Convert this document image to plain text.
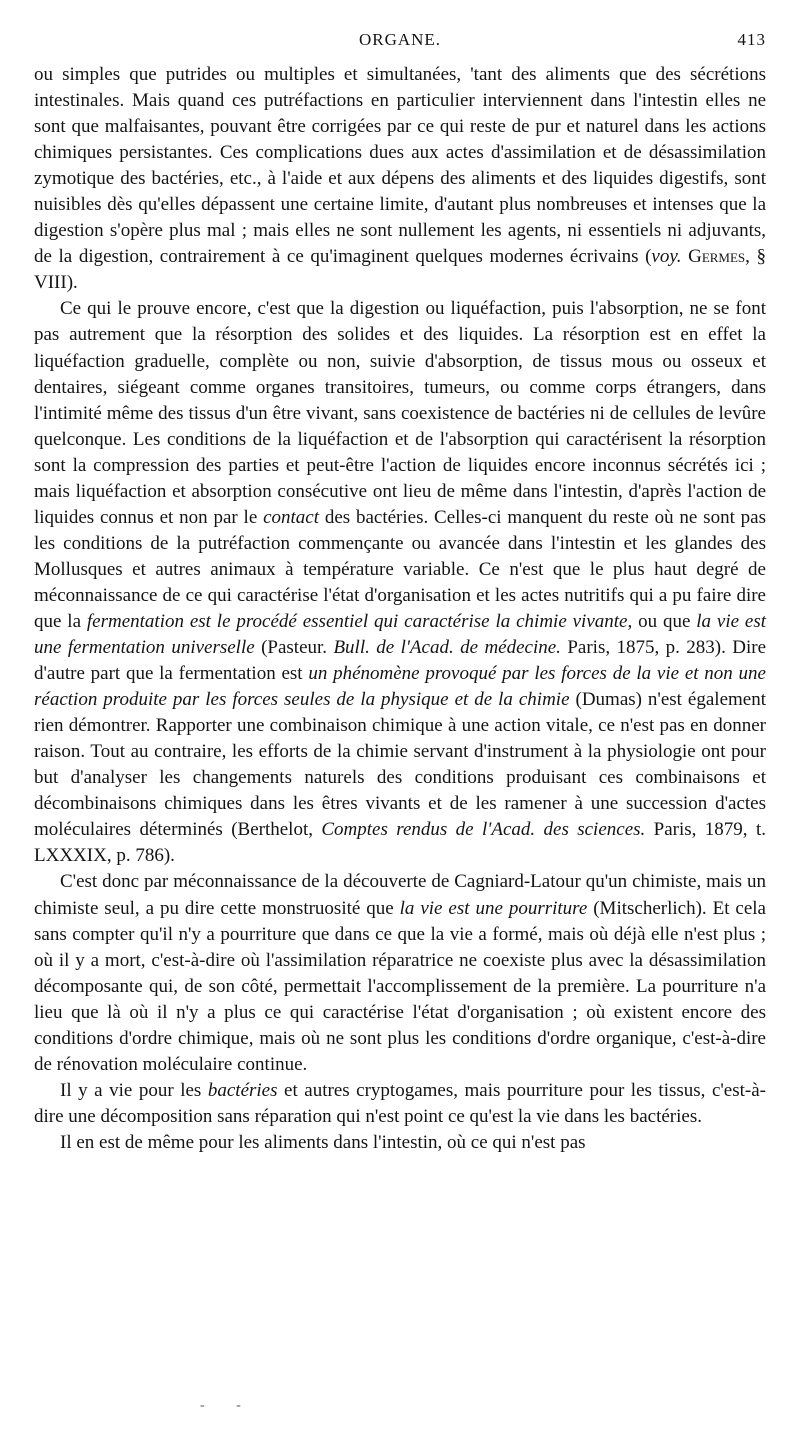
ORGANE.	413

ou simples que putrides ou multiples et simultanées, 'tant des aliments que des sécrétions intestinales. Mais quand ces putréfactions en particulier interviennent dans l'intestin elles ne sont que malfaisantes, pouvant être corrigées par ce qui reste de pur et naturel dans les actions chimiques persistantes. Ces complications dues aux actes d'assimilation et de désassimilation zymotique des bactéries, etc., à l'aide et aux dépens des aliments et des liquides digestifs, sont nuisibles dès qu'elles dépassent une certaine limite, d'autant plus nombreuses et intenses que la digestion s'opère plus mal ; mais elles ne sont nullement les agents, ni essentiels ni adjuvants, de la digestion, contrairement à ce qu'imaginent quelques modernes écrivains (voy. Germes, § VIII).

Ce qui le prouve encore, c'est que la digestion ou liquéfaction, puis l'absorption, ne se font pas autrement que la résorption des solides et des liquides. La résorption est en effet la liquéfaction graduelle, complète ou non, suivie d'absorption, de tissus mous ou osseux et dentaires, siégeant comme organes transitoires, tumeurs, ou comme corps étrangers, dans l'intimité même des tissus d'un être vivant, sans coexistence de bactéries ni de cellules de levûre quelconque. Les conditions de la liquéfaction et de l'absorption qui caractérisent la résorption sont la compression des parties et peut-être l'action de liquides encore inconnus sécrétés ici ; mais liquéfaction et absorption consécutive ont lieu de même dans l'intestin, d'après l'action de liquides connus et non par le contact des bactéries. Celles-ci manquent du reste où ne sont pas les conditions de la putréfaction commençante ou avancée dans l'intestin et les glandes des Mollusques et autres animaux à température variable. Ce n'est que le plus haut degré de méconnaissance de ce qui caractérise l'état d'organisation et les actes nutritifs qui a pu faire dire que la fermentation est le procédé essentiel qui caractérise la chimie vivante, ou que la vie est une fermentation universelle (Pasteur. Bull. de l'Acad. de médecine. Paris, 1875, p. 283). Dire d'autre part que la fermentation est un phénomène provoqué par les forces de la vie et non une réaction produite par les forces seules de la physique et de la chimie (Dumas) n'est également rien démontrer. Rapporter une combinaison chimique à une action vitale, ce n'est pas en donner raison. Tout au contraire, les efforts de la chimie servant d'instrument à la physiologie ont pour but d'analyser les changements naturels des conditions produisant ces combinaisons et décombinaisons chimiques dans les êtres vivants et de les ramener à une succession d'actes moléculaires déterminés (Berthelot, Comptes rendus de l'Acad. des sciences. Paris, 1879, t. LXXXIX, p. 786).

C'est donc par méconnaissance de la découverte de Cagniard-Latour qu'un chimiste, mais un chimiste seul, a pu dire cette monstruosité que la vie est une pourriture (Mitscherlich). Et cela sans compter qu'il n'y a pourriture que dans ce que la vie a formé, mais où déjà elle n'est plus ; où il y a mort, c'est-à-dire où l'assimilation réparatrice ne coexiste plus avec la désassimilation décomposante qui, de son côté, permettait l'accomplissement de la première. La pourriture n'a lieu que là où il n'y a plus ce qui caractérise l'état d'organisation ; où existent encore des conditions d'ordre chimique, mais où ne sont plus les conditions d'ordre organique, c'est-à-dire de rénovation moléculaire continue.

Il y a vie pour les bactéries et autres cryptogames, mais pourriture pour les tissus, c'est-à-dire une décomposition sans réparation qui n'est point ce qu'est la vie dans les bactéries.

Il en est de même pour les aliments dans l'intestin, où ce qui n'est pas

- -
